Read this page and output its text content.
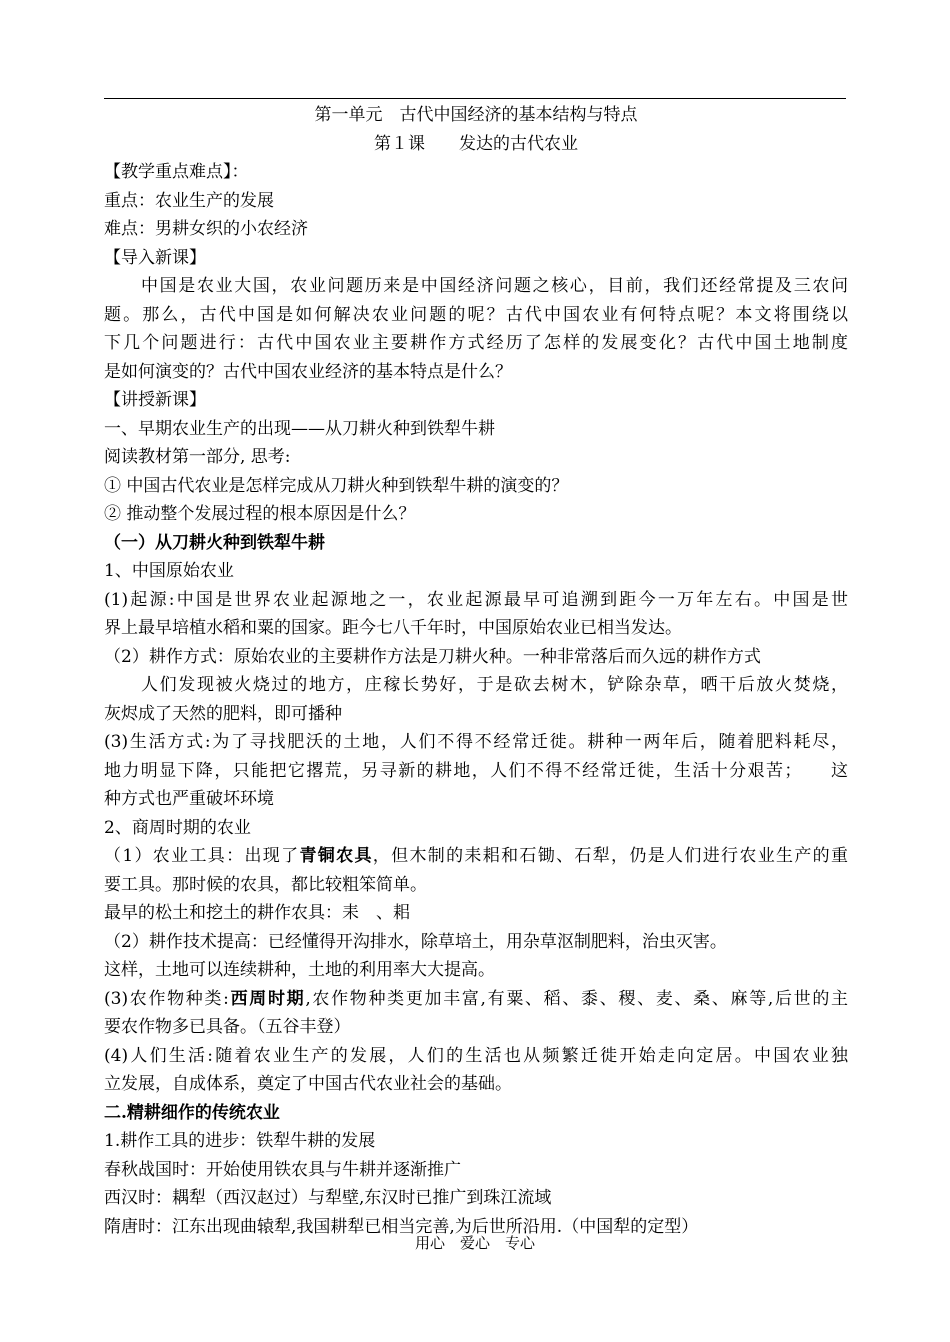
第一单元　古代中国经济的基本结构与特点
第１课　　发达的古代农业
【教学重点难点】：
重点：农业生产的发展
难点：男耕女织的小农经济
【导入新课】
中国是农业大国，农业问题历来是中国经济问题之核心，目前，我们还经常提及三农问
题。那么，古代中国是如何解决农业问题的呢？古代中国农业有何特点呢？本文将围绕以
下几个问题进行：古代中国农业主要耕作方式经历了怎样的发展变化？古代中国土地制度
是如何演变的？古代中国农业经济的基本特点是什么？
【讲授新课】
一、早期农业生产的出现——从刀耕火种到铁犁牛耕
阅读教材第一部分, 思考:
① 中国古代农业是怎样完成从刀耕火种到铁犁牛耕的演变的？
② 推动整个发展过程的根本原因是什么？
（一）从刀耕火种到铁犁牛耕
1、中国原始农业
(1)起源:中国是世界农业起源地之一，农业起源最早可追溯到距今一万年左右。中国是世
界上最早培植水稻和粟的国家。距今七八千年时，中国原始农业已相当发达。
（2）耕作方式：原始农业的主要耕作方法是刀耕火种。一种非常落后而久远的耕作方式
人们发现被火烧过的地方，庄稼长势好，于是砍去树木，铲除杂草，晒干后放火焚烧，
灰烬成了天然的肥料，即可播种
(3)生活方式:为了寻找肥沃的土地，人们不得不经常迁徙。耕种一两年后，随着肥料耗尽，
地力明显下降，只能把它撂荒，另寻新的耕地，人们不得不经常迁徙，生活十分艰苦；　　这
种方式也严重破坏环境
2、商周时期的农业
（1）农业工具：出现了青铜农具，但木制的耒耜和石锄、石犁，仍是人们进行农业生产的重
要工具。那时候的农具，都比较粗笨简单。
最早的松土和挖土的耕作农具：耒　、耜
（2）耕作技术提高：已经懂得开沟排水，除草培土，用杂草沤制肥料，治虫灭害。
这样，土地可以连续耕种，土地的利用率大大提高。
(3)农作物种类:西周时期,农作物种类更加丰富,有粟、稻、黍、稷、麦、桑、麻等,后世的主
要农作物多已具备。（五谷丰登）
(4)人们生活:随着农业生产的发展，人们的生活也从频繁迁徙开始走向定居。中国农业独
立发展，自成体系，奠定了中国古代农业社会的基础。
二.精耕细作的传统农业
1.耕作工具的进步：铁犁牛耕的发展
春秋战国时：开始使用铁农具与牛耕并逐渐推广
西汉时：耦犁（西汉赵过）与犁壁,东汉时已推广到珠江流域
隋唐时：江东出现曲辕犁,我国耕犁已相当完善,为后世所沿用.（中国犁的定型）
用心　爱心　专心
